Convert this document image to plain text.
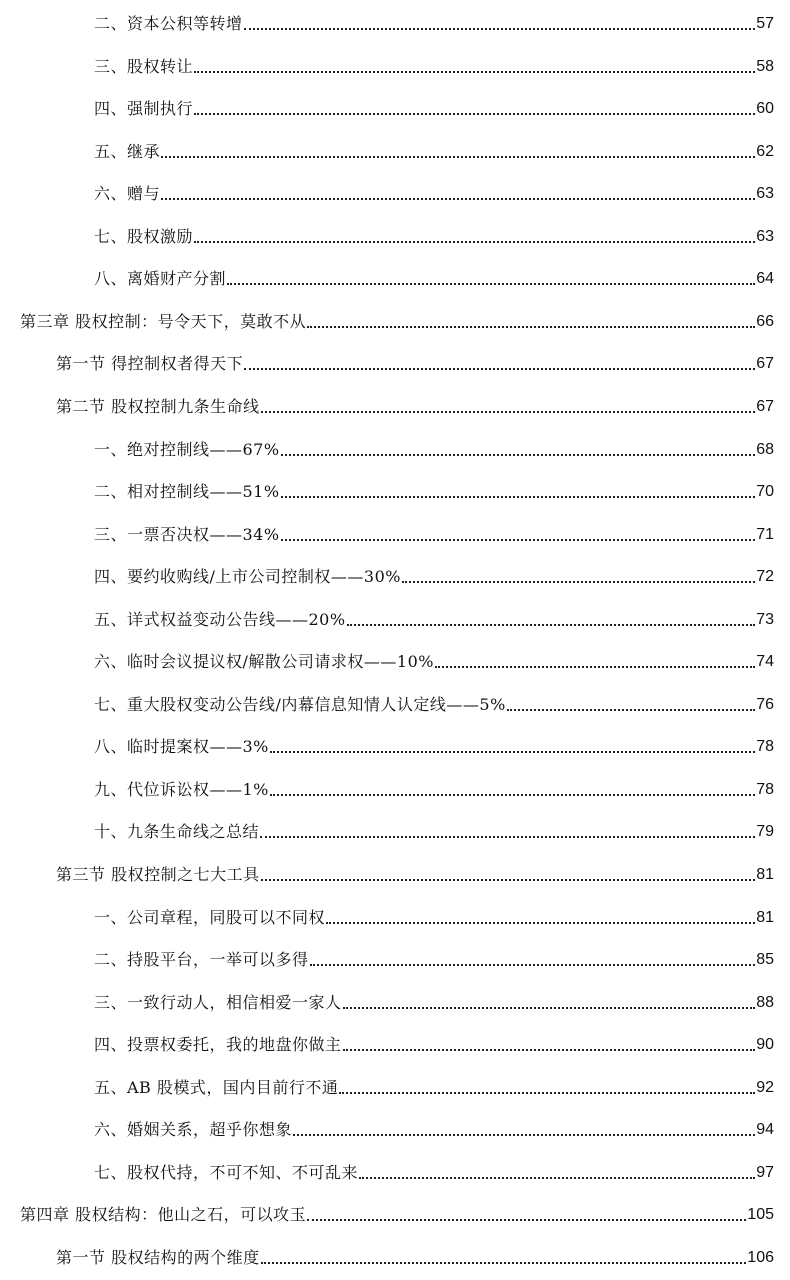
二、资本公积等转增	57
三、股权转让	58
四、强制执行	60
五、继承	62
六、赠与	63
七、股权激励	63
八、离婚财产分割	64
第三章 股权控制：号令天下，莫敢不从	66
第一节 得控制权者得天下	67
第二节 股权控制九条生命线	67
一、绝对控制线——67%	68
二、相对控制线——51%	70
三、一票否决权——34%	71
四、要约收购线/上市公司控制权——30%	72
五、详式权益变动公告线——20%	73
六、临时会议提议权/解散公司请求权——10%	74
七、重大股权变动公告线/内幕信息知情人认定线——5%	76
八、临时提案权——3%	78
九、代位诉讼权——1%	78
十、九条生命线之总结	79
第三节 股权控制之七大工具	81
一、公司章程，同股可以不同权	81
二、持股平台，一举可以多得	85
三、一致行动人，相信相爱一家人	88
四、投票权委托，我的地盘你做主	90
五、AB 股模式，国内目前行不通	92
六、婚姻关系，超乎你想象	94
七、股权代持，不可不知、不可乱来	97
第四章 股权结构：他山之石，可以攻玉	105
第一节 股权结构的两个维度	106
